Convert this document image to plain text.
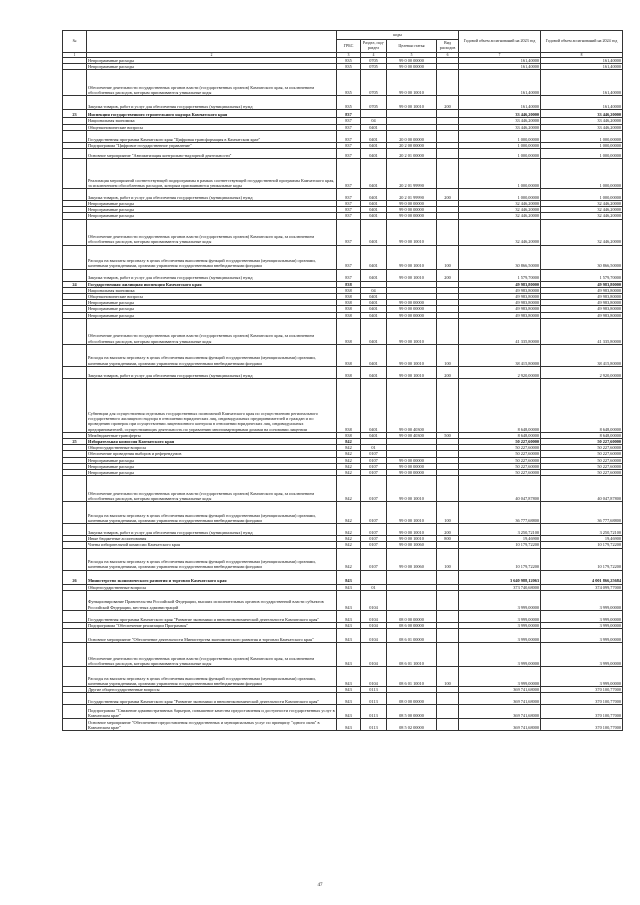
№		коды				Годовой объем ассигнований на 2023 год	Годовой объем ассигнований на 2024 год
		ГРБС	Раздел, под-раздел	Целевая статья	Вид расходов		
1	2	3	4	5	6	7	8
	Непрограммные расходы	835	0705	99 0 00 00000		161,40000	161,40000
	Непрограммные расходы	835	0705	99 0 00 00000		161,40000	161,40000
	Обеспечение деятельности государственных органов власти (государственных органов) Камчатского края, за исключением обособленных расходов, которым присваиваются уникальные коды	835	0705	99 0 00 10010		161,40000	161,40000
	Закупка товаров, работ и услуг для обеспечения государственных (муниципальных) нужд	835	0705	99 0 00 10010	200	161,40000	161,40000
23	Инспекция государственного строительного надзора Камчатского края	837				33 446,20000	33 446,20000
	Национальная экономика	837	04			33 446,20000	33 446,20000
	Общеэкономические вопросы	837	0401			33 446,20000	33 446,20000
	Государственная программа Камчатского края "Цифровая трансформация в Камчатском крае"	837	0401	20 0 00 00000		1 000,00000	1 000,00000
	Подпрограмма "Цифровое государственное управление"	837	0401	20 2 00 00000		1 000,00000	1 000,00000
	Основное мероприятие "Автоматизация контрольно-надзорной деятельности"	837	0401	20 2 01 00000		1 000,00000	1 000,00000
	Реализация мероприятий соответствующей подпрограммы в рамках соответствующей государственной программы Камчатского края, за исключением обособленных расходов, которым присваиваются уникальные коды	837	0401	20 2 01 99990		1 000,00000	1 000,00000
	Закупка товаров, работ и услуг для обеспечения государственных (муниципальных) нужд	837	0401	20 2 01 99990	200	1 000,00000	1 000,00000
	Непрограммные расходы	837	0401	99 0 00 00000		32 446,20000	32 446,20000
	Непрограммные расходы	837	0401	99 0 00 00000		32 446,20000	32 446,20000
	Непрограммные расходы	837	0401	99 0 00 00000		32 446,20000	32 446,20000
	Обеспечение деятельности государственных органов власти (государственных органов) Камчатского края, за исключением обособленных расходов, которым присваиваются уникальные коды	837	0401	99 0 00 10010		32 446,20000	32 446,20000
	Расходы на выплаты персоналу в целях обеспечения выполнения функций государственными (муниципальными) органами, казенными учреждениями, органами управления государственными внебюджетными фондами	837	0401	99 0 00 10010	100	30 866,50000	30 866,50000
	Закупка товаров, работ и услуг для обеспечения государственных (муниципальных) нужд	837	0401	99 0 00 10010	200	1 579,70000	1 579,70000
24	Государственная жилищная инспекция Камчатского края	838				49 983,80000	49 983,80000
	Национальная экономика	838	04			49 983,80000	49 983,80000
	Общеэкономические вопросы	838	0401			49 983,80000	49 983,80000
	Непрограммные расходы	838	0401	99 0 00 00000		49 983,80000	49 983,80000
	Непрограммные расходы	838	0401	99 0 00 00000		49 983,80000	49 983,80000
	Непрограммные расходы	838	0401	99 0 00 00000		49 983,80000	49 983,80000
	Обеспечение деятельности государственных органов власти (государственных органов) Камчатского края, за исключением обособленных расходов, которым присваиваются уникальные коды	838	0401	99 0 00 10010		41 335,80000	41 335,80000
	Расходы на выплаты персоналу в целях обеспечения выполнения функций государственными (муниципальными) органами, казенными учреждениями, органами управления государственными внебюджетными фондами	838	0401	99 0 00 10010	100	38 415,80000	38 415,80000
	Закупка товаров, работ и услуг для обеспечения государственных (муниципальных) нужд	838	0401	99 0 00 10010	200	2 920,00000	2 920,00000
	Субвенции для осуществления отдельных государственных полномочий Камчатского края по осуществлению регионального государственного жилищного надзора в отношении юридических лиц, индивидуальных предпринимателей и граждан и по проведению проверок при осуществлении лицензионного контроля в отношении юридических лиц, индивидуальных предпринимателей, осуществляющих деятельность по управлению многоквартирными домами на основании лицензии	838	0401	99 0 00 40300		8 648,00000	8 648,00000
	Межбюджетные трансферты	838	0401	99 0 00 40300	500	8 648,00000	8 648,00000
25	Избирательная комиссия Камчатского края	842				50 227,60000	50 227,60000
	Общегосударственные вопросы	842	01			50 227,60000	50 227,60000
	Обеспечение проведения выборов и референдумов	842	0107			50 227,60000	50 227,60000
	Непрограммные расходы	842	0107	99 0 00 00000		50 227,60000	50 227,60000
	Непрограммные расходы	842	0107	99 0 00 00000		50 227,60000	50 227,60000
	Непрограммные расходы	842	0107	99 0 00 00000		50 227,60000	50 227,60000
	Обеспечение деятельности государственных органов власти (государственных органов) Камчатского края, за исключением обособленных расходов, которым присваиваются уникальные коды	842	0107	99 0 00 10010		40 047,87800	40 047,87800
	Расходы на выплаты персоналу в целях обеспечения выполнения функций государственными (муниципальными) органами, казенными учреждениями, органами управления государственными внебюджетными фондами	842	0107	99 0 00 10010	100	36 777,68800	36 777,68800
	Закупка товаров, работ и услуг для обеспечения государственных (муниципальных) нужд	842	0107	99 0 00 10010	200	3 250,72100	3 250,72100
	Иные бюджетные ассигнования	842	0107	99 0 00 10010	800	19,46900	19,46900
	Члены избирательной комиссии Камчатского края	842	0107	99 0 00 10060		10 179,72200	10 179,72200
	Расходы на выплаты персоналу в целях обеспечения выполнения функций государственными (муниципальными) органами, казенными учреждениями, органами управления государственными внебюджетными фондами	842	0107	99 0 00 10060	100	10 179,72200	10 179,72200
26	Министерство экономического развития и торговли Камчатского края	843				3 640 988,12063	4 001 866,25684
	Общегосударственные вопросы	843	01			373 740,68000	374 099,77000
	Функционирование Правительства Российской Федерации, высших исполнительных органов государственной власти субъектов Российской Федерации, местных администраций	843	0104			3 999,00000	3 999,00000
	Государственная программа Камчатского края "Развитие экономики и внешнеэкономической деятельности Камчатского края"	843	0104	08 0 00 00000		3 999,00000	3 999,00000
	Подпрограмма "Обеспечение реализации Программы"	843	0104	08 6 00 00000		3 999,00000	3 999,00000
	Основное мероприятие "Обеспечение деятельности Министерства экономического развития и торговли Камчатского края"	843	0104	08 6 01 00000		3 999,00000	3 999,00000
	Обеспечение деятельности государственных органов власти (государственных органов) Камчатского края, за исключением обособленных расходов, которым присваиваются уникальные коды	843	0104	08 6 01 10010		3 999,00000	3 999,00000
	Расходы на выплаты персоналу в целях обеспечения выполнения функций государственными (муниципальными) органами, казенными учреждениями, органами управления государственными внебюджетными фондами	843	0104	08 6 01 10010	100	3 999,00000	3 999,00000
	Другие общегосударственные вопросы	843	0113			369 741,68000	370 100,77000
	Государственная программа Камчатского края "Развитие экономики и внешнеэкономической деятельности Камчатского края"	843	0113	08 0 00 00000		369 741,68000	370 100,77000
	Подпрограмма "Снижение административных барьеров, повышение качества предоставления и доступности государственных услуг в Камчатском крае"	843	0113	08 5 00 00000		369 741,68000	370 100,77000
	Основное мероприятие "Обеспечение предоставления государственных и муниципальных услуг по принципу "одного окна" в Камчатском крае"	843	0113	08 5 02 00000		369 741,68000	370 100,77000
47
